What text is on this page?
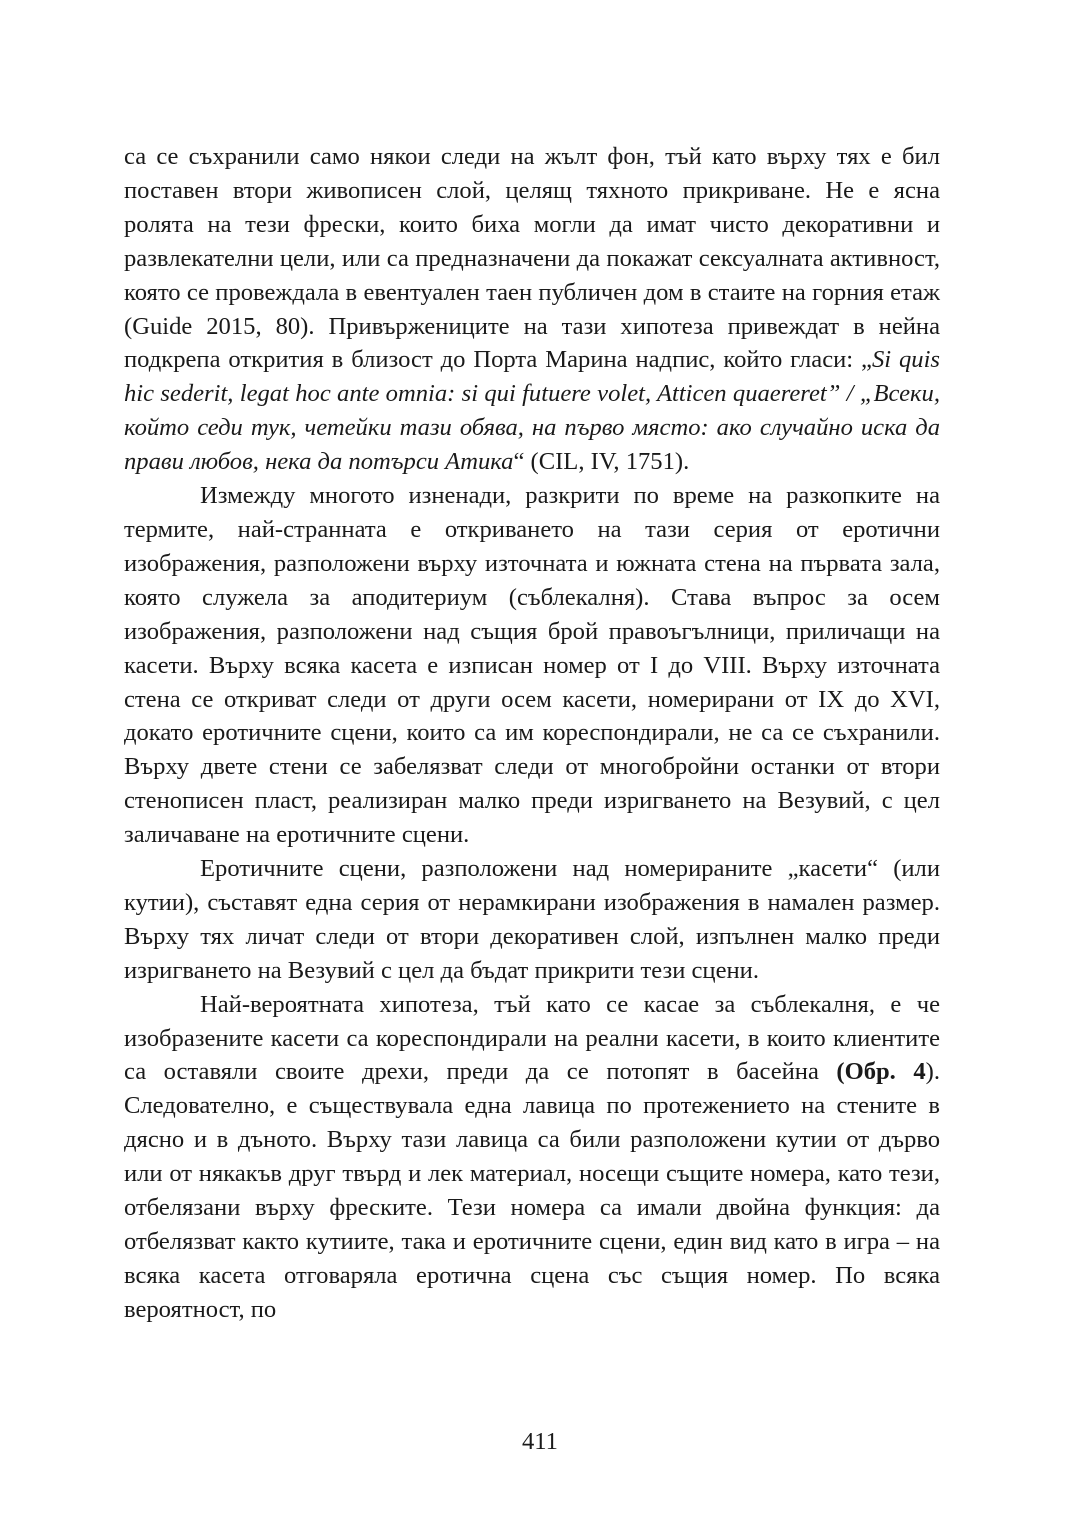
са се съхранили само някои следи на жълт фон, тъй като върху тях е бил поставен втори живописен слой, целящ тяхното прикриване. Не е ясна ролята на тези фрески, които биха могли да имат чисто декоративни и развлекателни цели, или са предназначени да покажат сексуалната активност, която се провеждала в евентуален таен публичен дом в стаите на горния етаж (Guide 2015, 80). Привържениците на тази хипотеза привеждат в нейна подкрепа открития в близост до Порта Марина надпис, който гласи: „Si quis hic sederit, legat hoc ante omnia: si qui futuere volet, Atticen quaereret” / „Всеки, който седи тук, четейки тази обява, на първо място: ако случайно иска да прави любов, нека да потърси Атика“ (CIL, IV, 1751).

Измежду многото изненади, разкрити по време на разкопките на термите, най-странната е откриването на тази серия от еротични изображения, разположени върху източната и южната стена на първата зала, която служела за аподитериум (съблекалня). Става въпрос за осем изображения, разположени над същия брой правоъгълници, приличащи на касети. Върху всяка касета е изписан номер от I до VIII. Върху източната стена се откриват следи от други осем касети, номерирани от IX до XVI, докато еротичните сцени, които са им кореспондирали, не са се съхранили. Върху двете стени се забелязват следи от многобройни останки от втори стенописен пласт, реализиран малко преди изригването на Везувий, с цел заличаване на еротичните сцени.

Еротичните сцени, разположени над номерираните „касети“ (или кутии), съставят една серия от нерамкирани изображения в намален размер. Върху тях личат следи от втори декоративен слой, изпълнен малко преди изригването на Везувий с цел да бъдат прикрити тези сцени.

Най-вероятната хипотеза, тъй като се касае за съблекалня, е че изобразените касети са кореспондирали на реални касети, в които клиентите са оставяли своите дрехи, преди да се потопят в басейна (Обр. 4). Следователно, е съществувала една лавица по протежението на стените в дясно и в дъното. Върху тази лавица са били разположени кутии от дърво или от някакъв друг твърд и лек материал, носещи същите номера, като тези, отбелязани върху фреските. Тези номера са имали двойна функция: да отбелязват както кутиите, така и еротичните сцени, един вид като в игра – на всяка касета отговаряла еротична сцена със същия номер. По всяка вероятност, по

411
